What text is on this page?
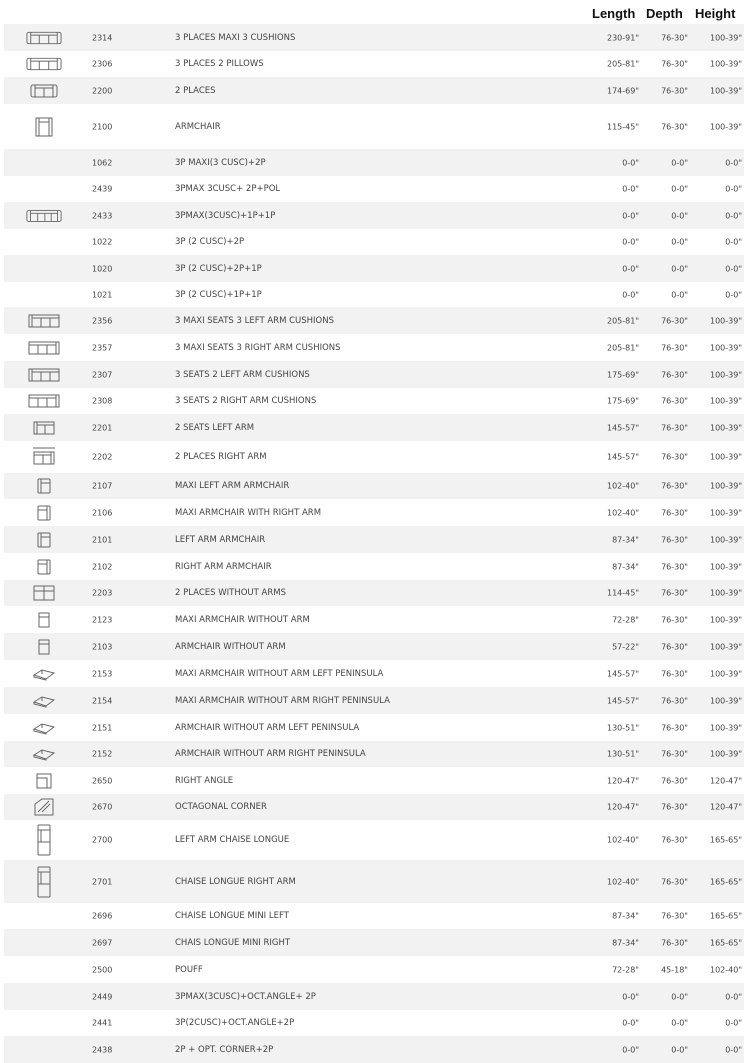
Length Depth Height
2314	3 PLACES MAXI 3 CUSHIONS	230-91"	76-30"	100-39"
2306	3 PLACES 2 PILLOWS	205-81"	76-30"	100-39"
2200	2 PLACES	174-69"	76-30"	100-39"
2100	ARMCHAIR	115-45"	76-30"	100-39"
1062	3P MAXI(3 CUSC)+2P	0-0"	0-0"	0-0"
2439	3PMAX 3CUSC+ 2P+POL	0-0"	0-0"	0-0"
2433	3PMAX(3CUSC)+1P+1P	0-0"	0-0"	0-0"
1022	3P (2 CUSC)+2P	0-0"	0-0"	0-0"
1020	3P (2 CUSC)+2P+1P	0-0"	0-0"	0-0"
1021	3P (2 CUSC)+1P+1P	0-0"	0-0"	0-0"
2356	3 MAXI SEATS 3 LEFT ARM CUSHIONS	205-81"	76-30"	100-39"
2357	3 MAXI SEATS 3 RIGHT ARM CUSHIONS	205-81"	76-30"	100-39"
2307	3 SEATS 2 LEFT ARM CUSHIONS	175-69"	76-30"	100-39"
2308	3 SEATS 2 RIGHT ARM CUSHIONS	175-69"	76-30"	100-39"
2201	2 SEATS LEFT ARM	145-57"	76-30"	100-39"
2202	2 PLACES RIGHT ARM	145-57"	76-30"	100-39"
2107	MAXI LEFT ARM ARMCHAIR	102-40"	76-30"	100-39"
2106	MAXI ARMCHAIR WITH RIGHT ARM	102-40"	76-30"	100-39"
2101	LEFT ARM ARMCHAIR	87-34"	76-30"	100-39"
2102	RIGHT ARM ARMCHAIR	87-34"	76-30"	100-39"
2203	2 PLACES WITHOUT ARMS	114-45"	76-30"	100-39"
2123	MAXI ARMCHAIR WITHOUT ARM	72-28"	76-30"	100-39"
2103	ARMCHAIR WITHOUT ARM	57-22"	76-30"	100-39"
2153	MAXI ARMCHAIR WITHOUT ARM LEFT PENINSULA	145-57"	76-30"	100-39"
2154	MAXI ARMCHAIR WITHOUT ARM RIGHT PENINSULA	145-57"	76-30"	100-39"
2151	ARMCHAIR WITHOUT ARM LEFT PENINSULA	130-51"	76-30"	100-39"
2152	ARMCHAIR WITHOUT ARM RIGHT PENINSULA	130-51"	76-30"	100-39"
2650	RIGHT ANGLE	120-47"	76-30"	120-47"
2670	OCTAGONAL CORNER	120-47"	76-30"	120-47"
2700	LEFT ARM CHAISE LONGUE	102-40"	76-30"	165-65"
2701	CHAISE LONGUE RIGHT ARM	102-40"	76-30"	165-65"
2696	CHAISE LONGUE MINI LEFT	87-34"	76-30"	165-65"
2697	CHAIS LONGUE MINI RIGHT	87-34"	76-30"	165-65"
2500	POUFF	72-28"	45-18"	102-40"
2449	3PMAX(3CUSC)+OCT.ANGLE+ 2P	0-0"	0-0"	0-0"
2441	3P(2CUSC)+OCT.ANGLE+2P	0-0"	0-0"	0-0"
2438	2P + OPT. CORNER+2P	0-0"	0-0"	0-0"
